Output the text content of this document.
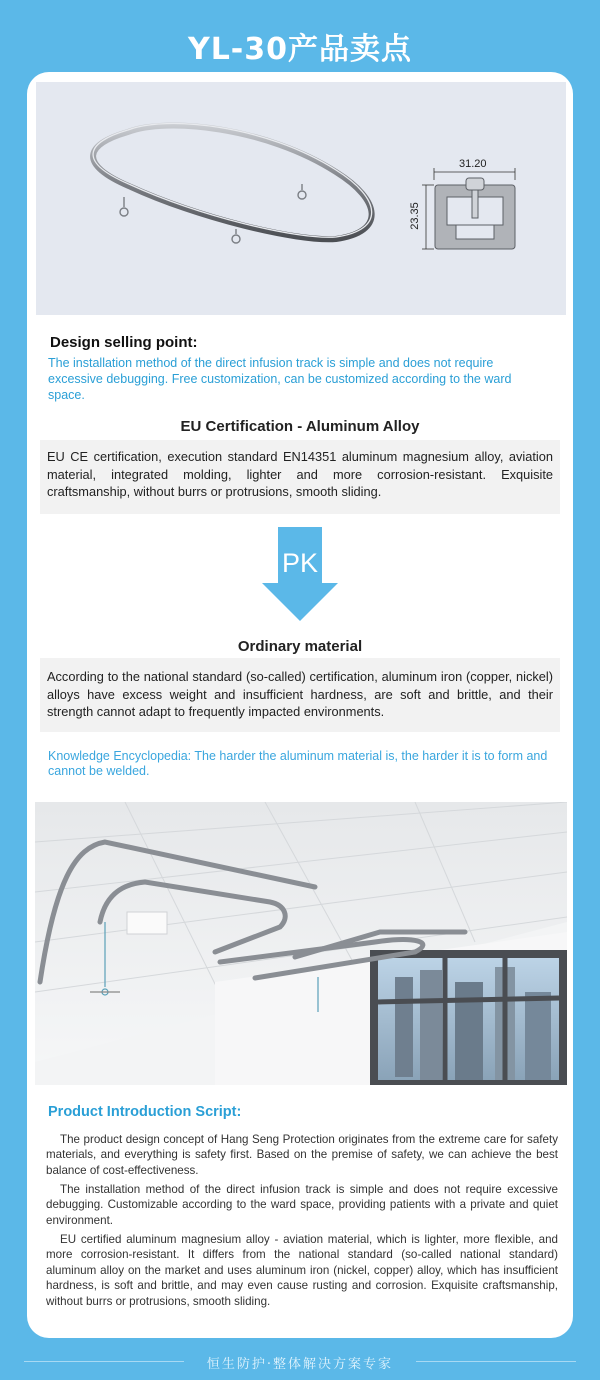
YL-30产品卖点
31.20
23.35
Design selling point:
The installation method of the direct infusion track is simple and does not require excessive debugging. Free customization, can be customized according to the ward space.
EU Certification - Aluminum Alloy
EU CE certification, execution standard EN14351 aluminum magnesium alloy, aviation material, integrated molding, lighter and more corrosion-resistant. Exquisite craftsmanship, without burrs or protrusions, smooth sliding.
PK
Ordinary material
According to the national standard (so-called) certification, aluminum iron (copper, nickel) alloys have excess weight and insufficient hardness, are soft and brittle, and their strength cannot adapt to frequently impacted environments.
Knowledge Encyclopedia: The harder the aluminum material is, the harder it is to form and cannot be welded.
Product Introduction Script:
The product design concept of Hang Seng Protection originates from the extreme care for safety materials, and everything is safety first. Based on the premise of safety, we can achieve the best balance of cost-effectiveness.
The installation method of the direct infusion track is simple and does not require excessive debugging. Customizable according to the ward space, providing patients with a private and quiet environment.
EU certified aluminum magnesium alloy - aviation material, which is lighter, more flexible, and more corrosion-resistant. It differs from the national standard (so-called national standard) aluminum alloy on the market and uses aluminum iron (nickel, copper) alloy, which has insufficient hardness, is soft and brittle, and may even cause rusting and corrosion. Exquisite craftsmanship, without burrs or protrusions, smooth sliding.
恒生防护·整体解决方案专家
